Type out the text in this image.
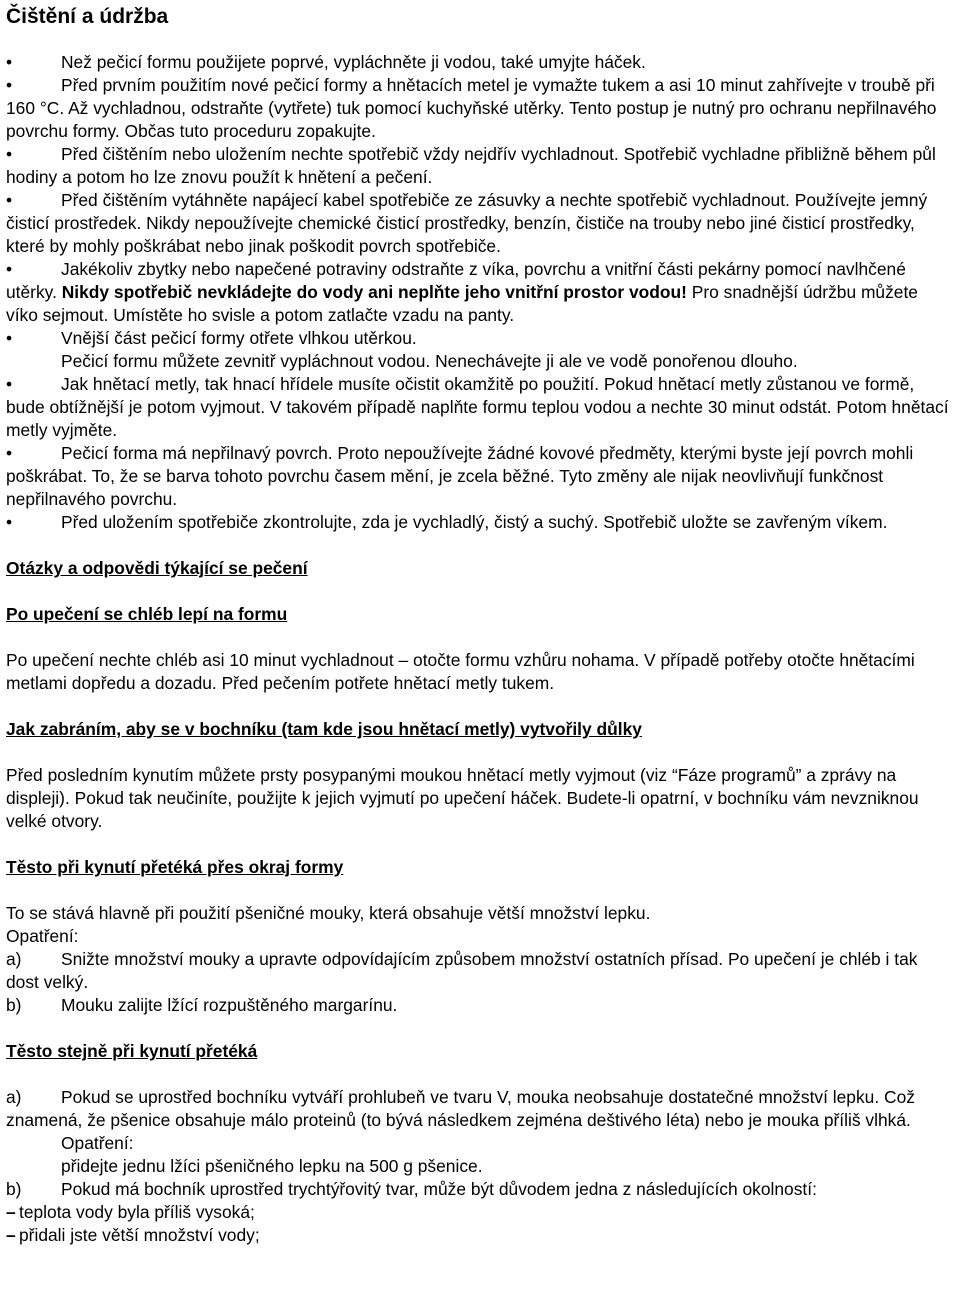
Čištění a údržba

•	Než pečicí formu použijete poprvé, vypláchněte ji vodou, také umyjte háček.

•	Před prvním použitím nové pečicí formy a hnětacích metel je vymažte tukem a asi 10 minut zahřívejte v troubě při 160 °C. Až vychladnou, odstraňte (vytřete) tuk pomocí kuchyňské utěrky. Tento postup je nutný pro ochranu nepřilnavého povrchu formy. Občas tuto proceduru zopakujte.

•	Před čištěním nebo uložením nechte spotřebič vždy nejdřív vychladnout. Spotřebič vychladne přibližně během půl hodiny a potom ho lze znovu použít k hnětení a pečení.

•	Před čištěním vytáhněte napájecí kabel spotřebiče ze zásuvky a nechte spotřebič vychladnout. Používejte jemný čisticí prostředek. Nikdy nepoužívejte chemické čisticí prostředky, benzín, čističe na trouby nebo jiné čisticí prostředky, které by mohly poškrábat nebo jinak poškodit povrch spotřebiče.

•	Jakékoliv zbytky nebo napečené potraviny odstraňte z víka, povrchu a vnitřní části pekárny pomocí navlhčené utěrky. Nikdy spotřebič nevkládejte do vody ani neplňte jeho vnitřní prostor vodou! Pro snadnější údržbu můžete víko sejmout. Umístěte ho svisle a potom zatlačte vzadu na panty.

•	Vnější část pečicí formy otřete vlhkou utěrkou.

Pečicí formu můžete zevnitř vypláchnout vodou. Nenechávejte ji ale ve vodě ponořenou dlouho.

•	Jak hnětací metly, tak hnací hřídele musíte očistit okamžitě po použití. Pokud hnětací metly zůstanou ve formě, bude obtížnější je potom vyjmout. V takovém případě naplňte formu teplou vodou a nechte 30 minut odstát. Potom hnětací metly vyjměte.

•	Pečicí forma má nepřilnavý povrch. Proto nepoužívejte žádné kovové předměty, kterými byste její povrch mohli poškrábat. To, že se barva tohoto povrchu časem mění, je zcela běžné. Tyto změny ale nijak neovlivňují funkčnost nepřilnavého povrchu.

•	Před uložením spotřebiče zkontrolujte, zda je vychladlý, čistý a suchý. Spotřebič uložte se zavřeným víkem.

Otázky a odpovědi týkající se pečení

Po upečení se chléb lepí na formu

Po upečení nechte chléb asi 10 minut vychladnout – otočte formu vzhůru nohama. V případě potřeby otočte hnětacími metlami dopředu a dozadu. Před pečením potřete hnětací metly tukem.

Jak zabráním, aby se v bochníku (tam kde jsou hnětací metly) vytvořily důlky

Před posledním kynutím můžete prsty posypanými moukou hnětací metly vyjmout (viz “Fáze programů” a zprávy na displeji). Pokud tak neučiníte, použijte k jejich vyjmutí po upečení háček. Budete-li opatrní, v bochníku vám nevzniknou velké otvory.

Těsto při kynutí přetéká přes okraj formy

To se stává hlavně při použití pšeničné mouky, která obsahuje větší množství lepku.

Opatření:

a) Snižte množství mouky a upravte odpovídajícím způsobem množství ostatních přísad. Po upečení je chléb i tak dost velký.

b) Mouku zalijte lžící rozpuštěného margarínu.

Těsto stejně při kynutí přetéká

a) Pokud se uprostřed bochníku vytváří prohlubeň ve tvaru V, mouka neobsahuje dostatečné množství lepku. Což znamená, že pšenice obsahuje málo proteinů (to bývá následkem zejména deštivého léta) nebo je mouka příliš vlhká.

Opatření:

přidejte jednu lžíci pšeničného lepku na 500 g pšenice.

b) Pokud má bochník uprostřed trychtýřovitý tvar, může být důvodem jedna z následujících okolností:

– teplota vody byla příliš vysoká;

– přidali jste větší množství vody;
